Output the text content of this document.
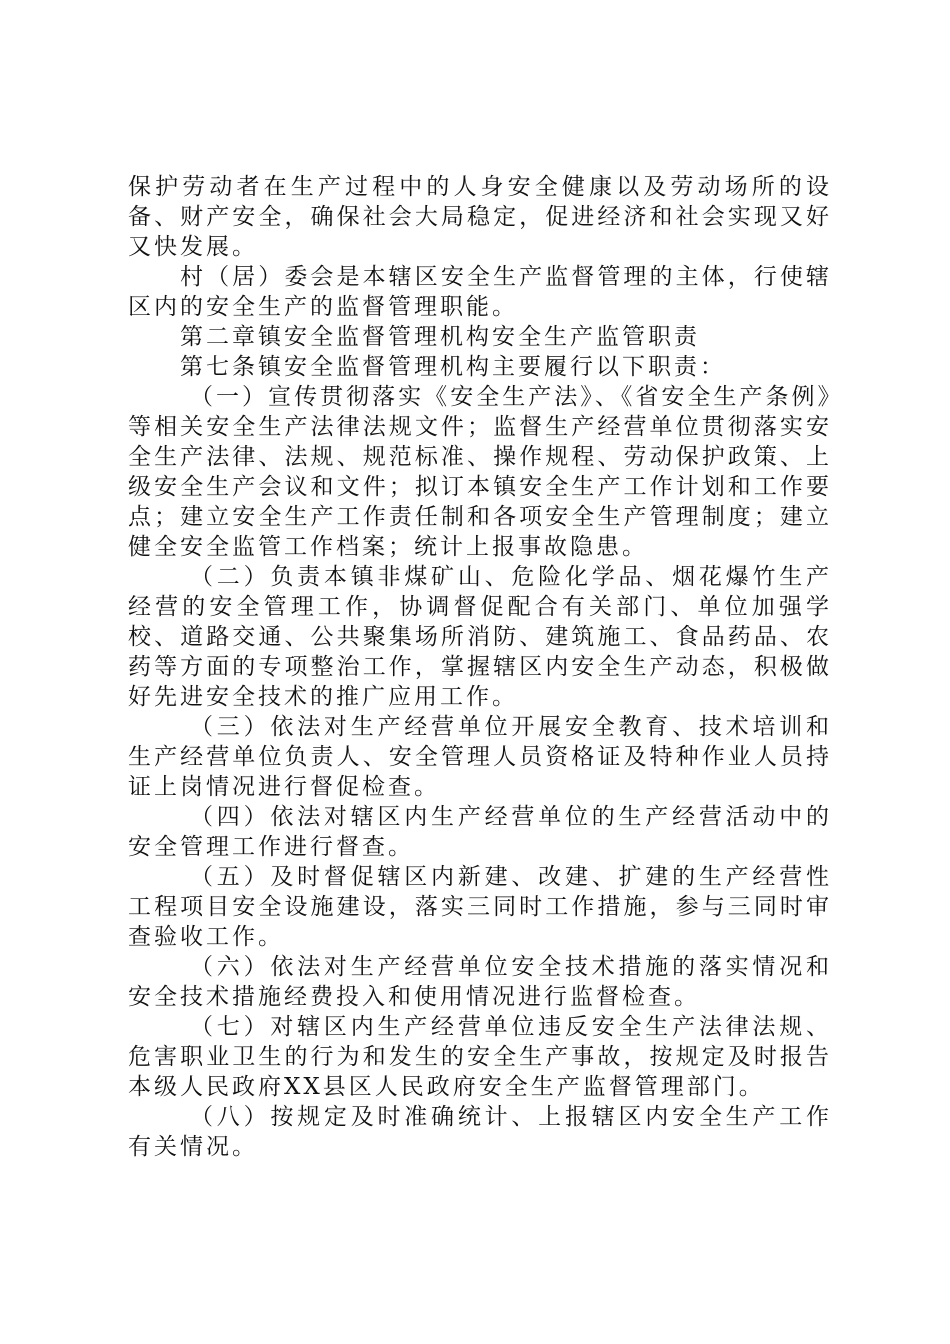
保护劳动者在生产过程中的人身安全健康以及劳动场所的设备、财产安全，确保社会大局稳定，促进经济和社会实现又好又快发展。

村（居）委会是本辖区安全生产监督管理的主体，行使辖区内的安全生产的监督管理职能。

第二章镇安全监督管理机构安全生产监管职责

第七条镇安全监督管理机构主要履行以下职责：

（一）宣传贯彻落实《安全生产法》、《省安全生产条例》等相关安全生产法律法规文件；监督生产经营单位贯彻落实安全生产法律、法规、规范标准、操作规程、劳动保护政策、上级安全生产会议和文件；拟订本镇安全生产工作计划和工作要点；建立安全生产工作责任制和各项安全生产管理制度；建立健全安全监管工作档案；统计上报事故隐患。

（二）负责本镇非煤矿山、危险化学品、烟花爆竹生产经营的安全管理工作，协调督促配合有关部门、单位加强学校、道路交通、公共聚集场所消防、建筑施工、食品药品、农药等方面的专项整治工作，掌握辖区内安全生产动态，积极做好先进安全技术的推广应用工作。

（三）依法对生产经营单位开展安全教育、技术培训和生产经营单位负责人、安全管理人员资格证及特种作业人员持证上岗情况进行督促检查。

（四）依法对辖区内生产经营单位的生产经营活动中的安全管理工作进行督查。

（五）及时督促辖区内新建、改建、扩建的生产经营性工程项目安全设施建设，落实三同时工作措施，参与三同时审查验收工作。

（六）依法对生产经营单位安全技术措施的落实情况和安全技术措施经费投入和使用情况进行监督检查。

（七）对辖区内生产经营单位违反安全生产法律法规、危害职业卫生的行为和发生的安全生产事故，按规定及时报告本级人民政府XX县区人民政府安全生产监督管理部门。

（八）按规定及时准确统计、上报辖区内安全生产工作有关情况。
